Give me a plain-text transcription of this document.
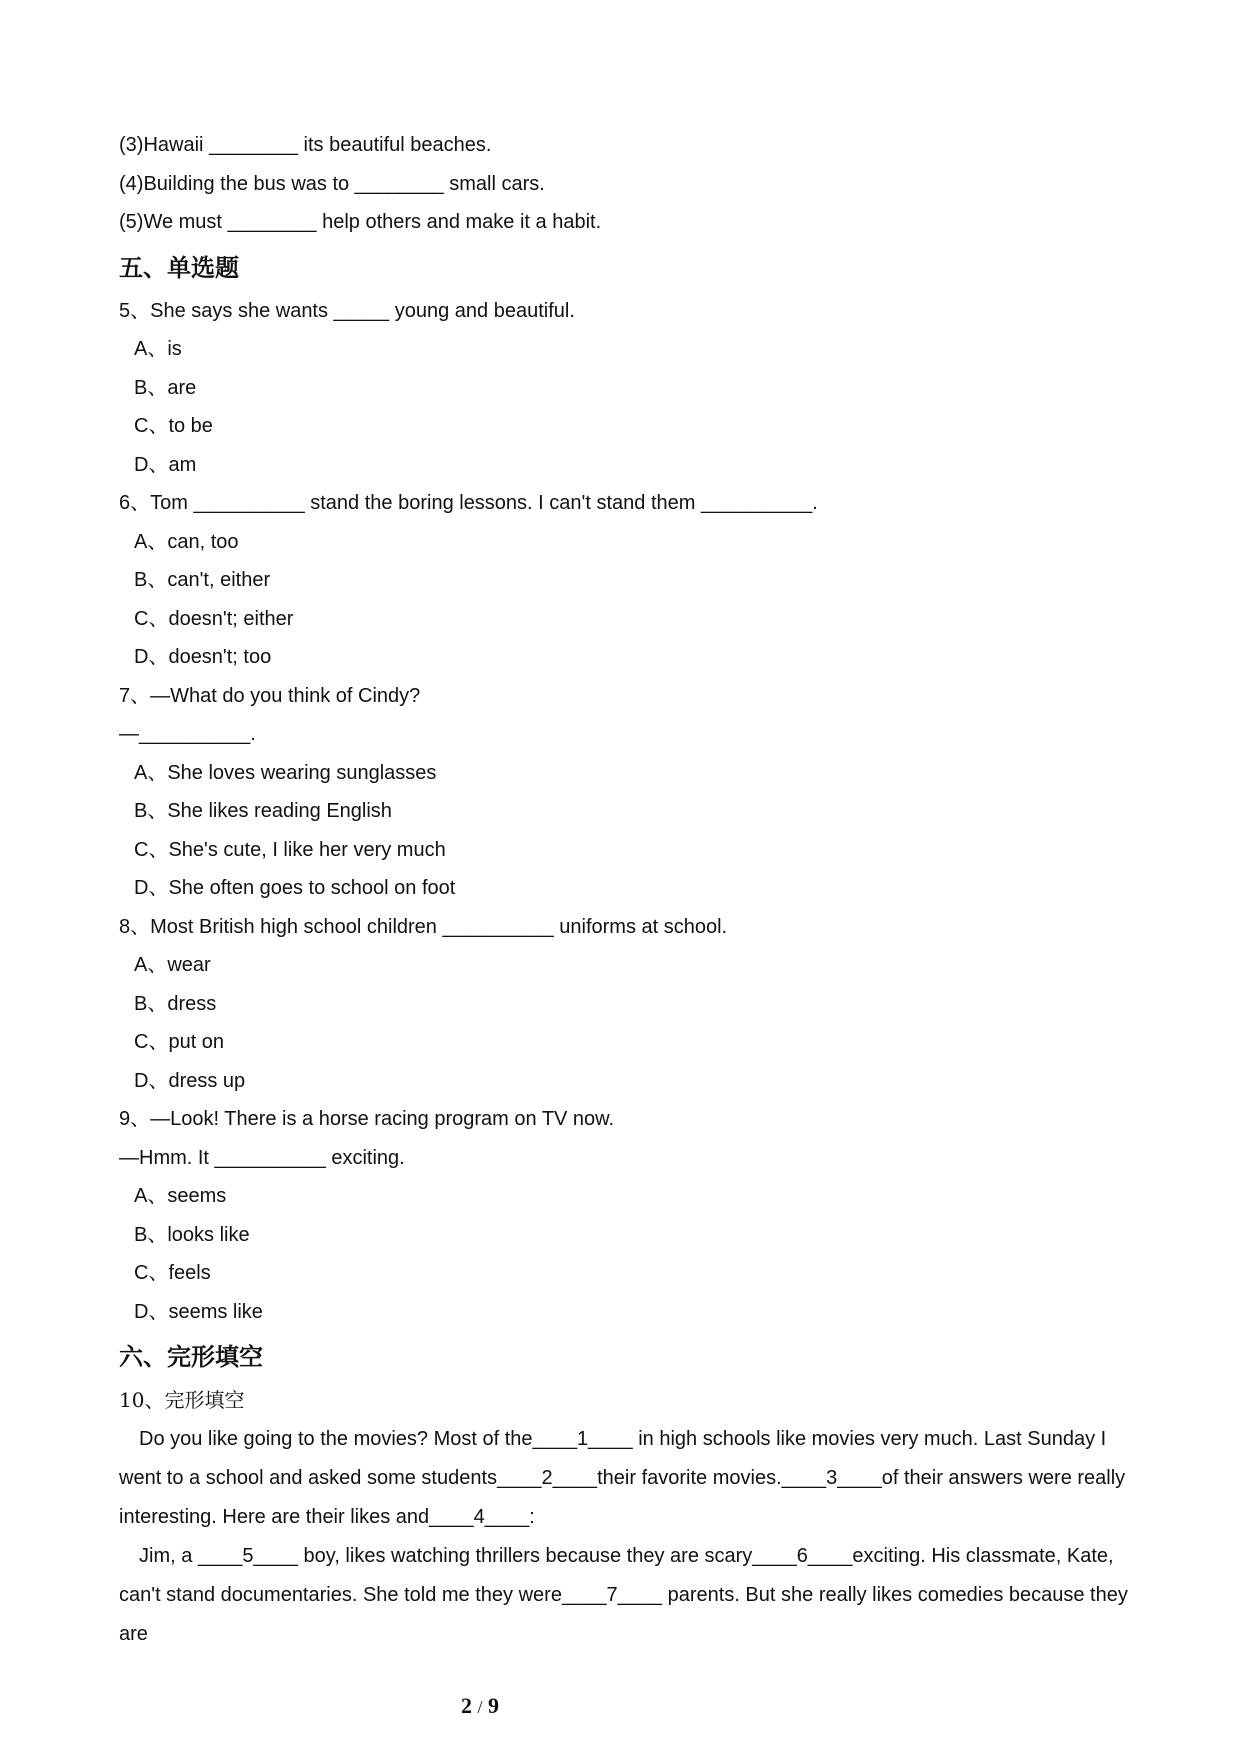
(3)Hawaii ________ its beautiful beaches.
(4)Building the bus was to ________ small cars.
(5)We must ________ help others and make it a habit.
五、单选题
5、She says she wants _____ young and beautiful.
A、is
B、are
C、to be
D、am
6、Tom __________ stand the boring lessons. I can't stand them __________.
A、can, too
B、can't, either
C、doesn't; either
D、doesn't; too
7、—What do you think of Cindy?
—__________.
A、She loves wearing sunglasses
B、She likes reading English
C、She's cute, I like her very much
D、She often goes to school on foot
8、Most British high school children __________ uniforms at school.
A、wear
B、dress
C、put on
D、dress up
9、—Look! There is a horse racing program on TV now.
—Hmm. It __________ exciting.
A、seems
B、looks like
C、feels
D、seems like
六、完形填空
10、完形填空
Do you like going to the movies? Most of the____1____ in high schools like movies very much. Last Sunday I went to a school and asked some students____2____their favorite movies.____3____of their answers were really interesting. Here are their likes and____4____:
Jim, a ____5____ boy, likes watching thrillers because they are scary____6____exciting. His classmate, Kate, can't stand documentaries. She told me they were____7____ parents. But she really likes comedies because they are
2 / 9
